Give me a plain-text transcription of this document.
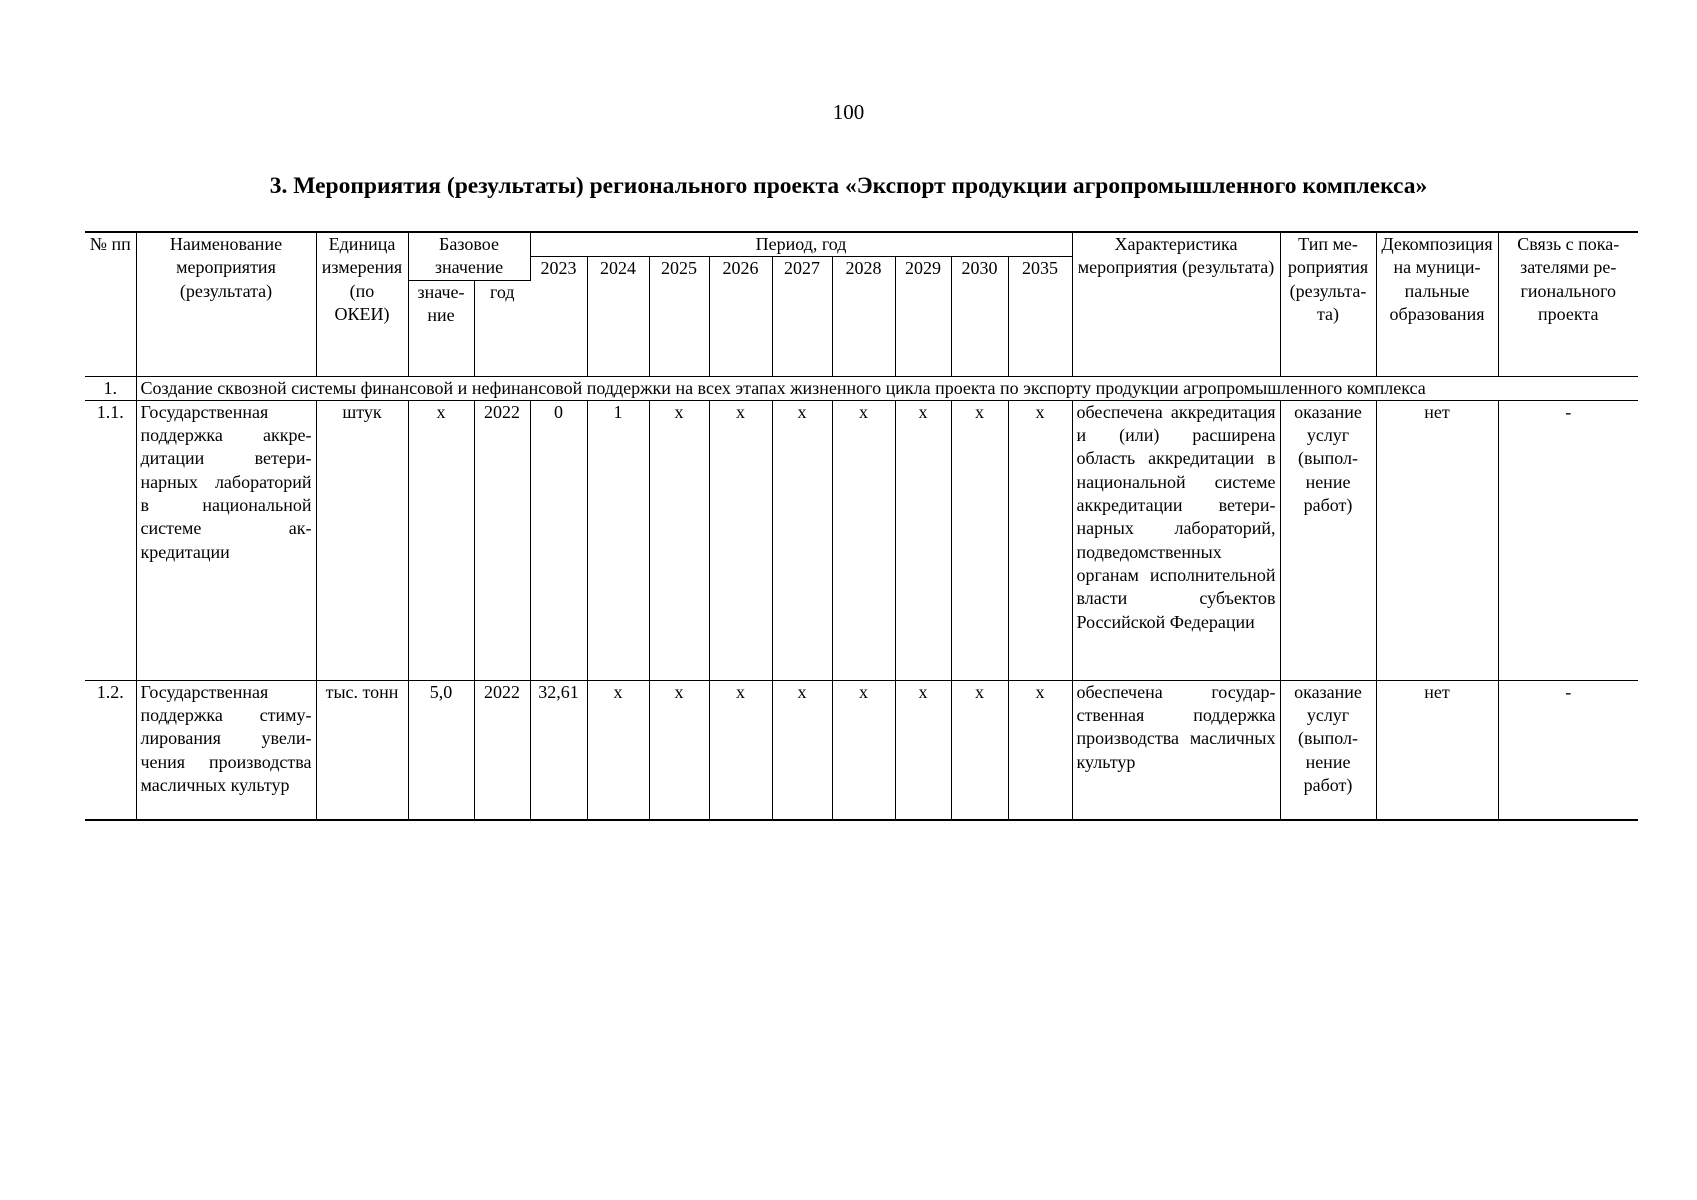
100
3. Мероприятия (результаты) регионального проекта «Экспорт продукции агропромышленного комплекса»
№ пп	Наименование мероприятия (результата)	Единица измерения (по ОКЕИ)	Базовое значение		Период, год									Характеристика мероприятия (результата)	Тип мероприятия (результата)	Декомпозиция на муниципальные образования	Связь с показателями регионального проекта
					2023	2024	2025	2026	2027	2028	2029	2030	2035				
			значение	год													
1.	Создание сквозной системы финансовой и нефинансовой поддержки на всех этапах жизненного цикла проекта по экспорту продукции агропромышленного комплекса																
1.1.	Государственная поддержка аккредитации ветеринарных лабораторий в национальной системе аккредитации	штук	х	2022	0	1	х	х	х	х	х	х	х	обеспечена аккредитация и (или) расширена область аккредитации в национальной системе аккредитации ветеринарных лабораторий, подведомственных органам исполнительной власти субъектов Российской Федерации	оказание услуг (выполнение работ)	нет	-
1.2.	Государственная поддержка стимулирования увеличения производства масличных культур	тыс. тонн	5,0	2022	32,61	х	х	х	х	х	х	х	х	обеспечена государственная поддержка производства масличных культур	оказание услуг (выполнение работ)	нет	-
